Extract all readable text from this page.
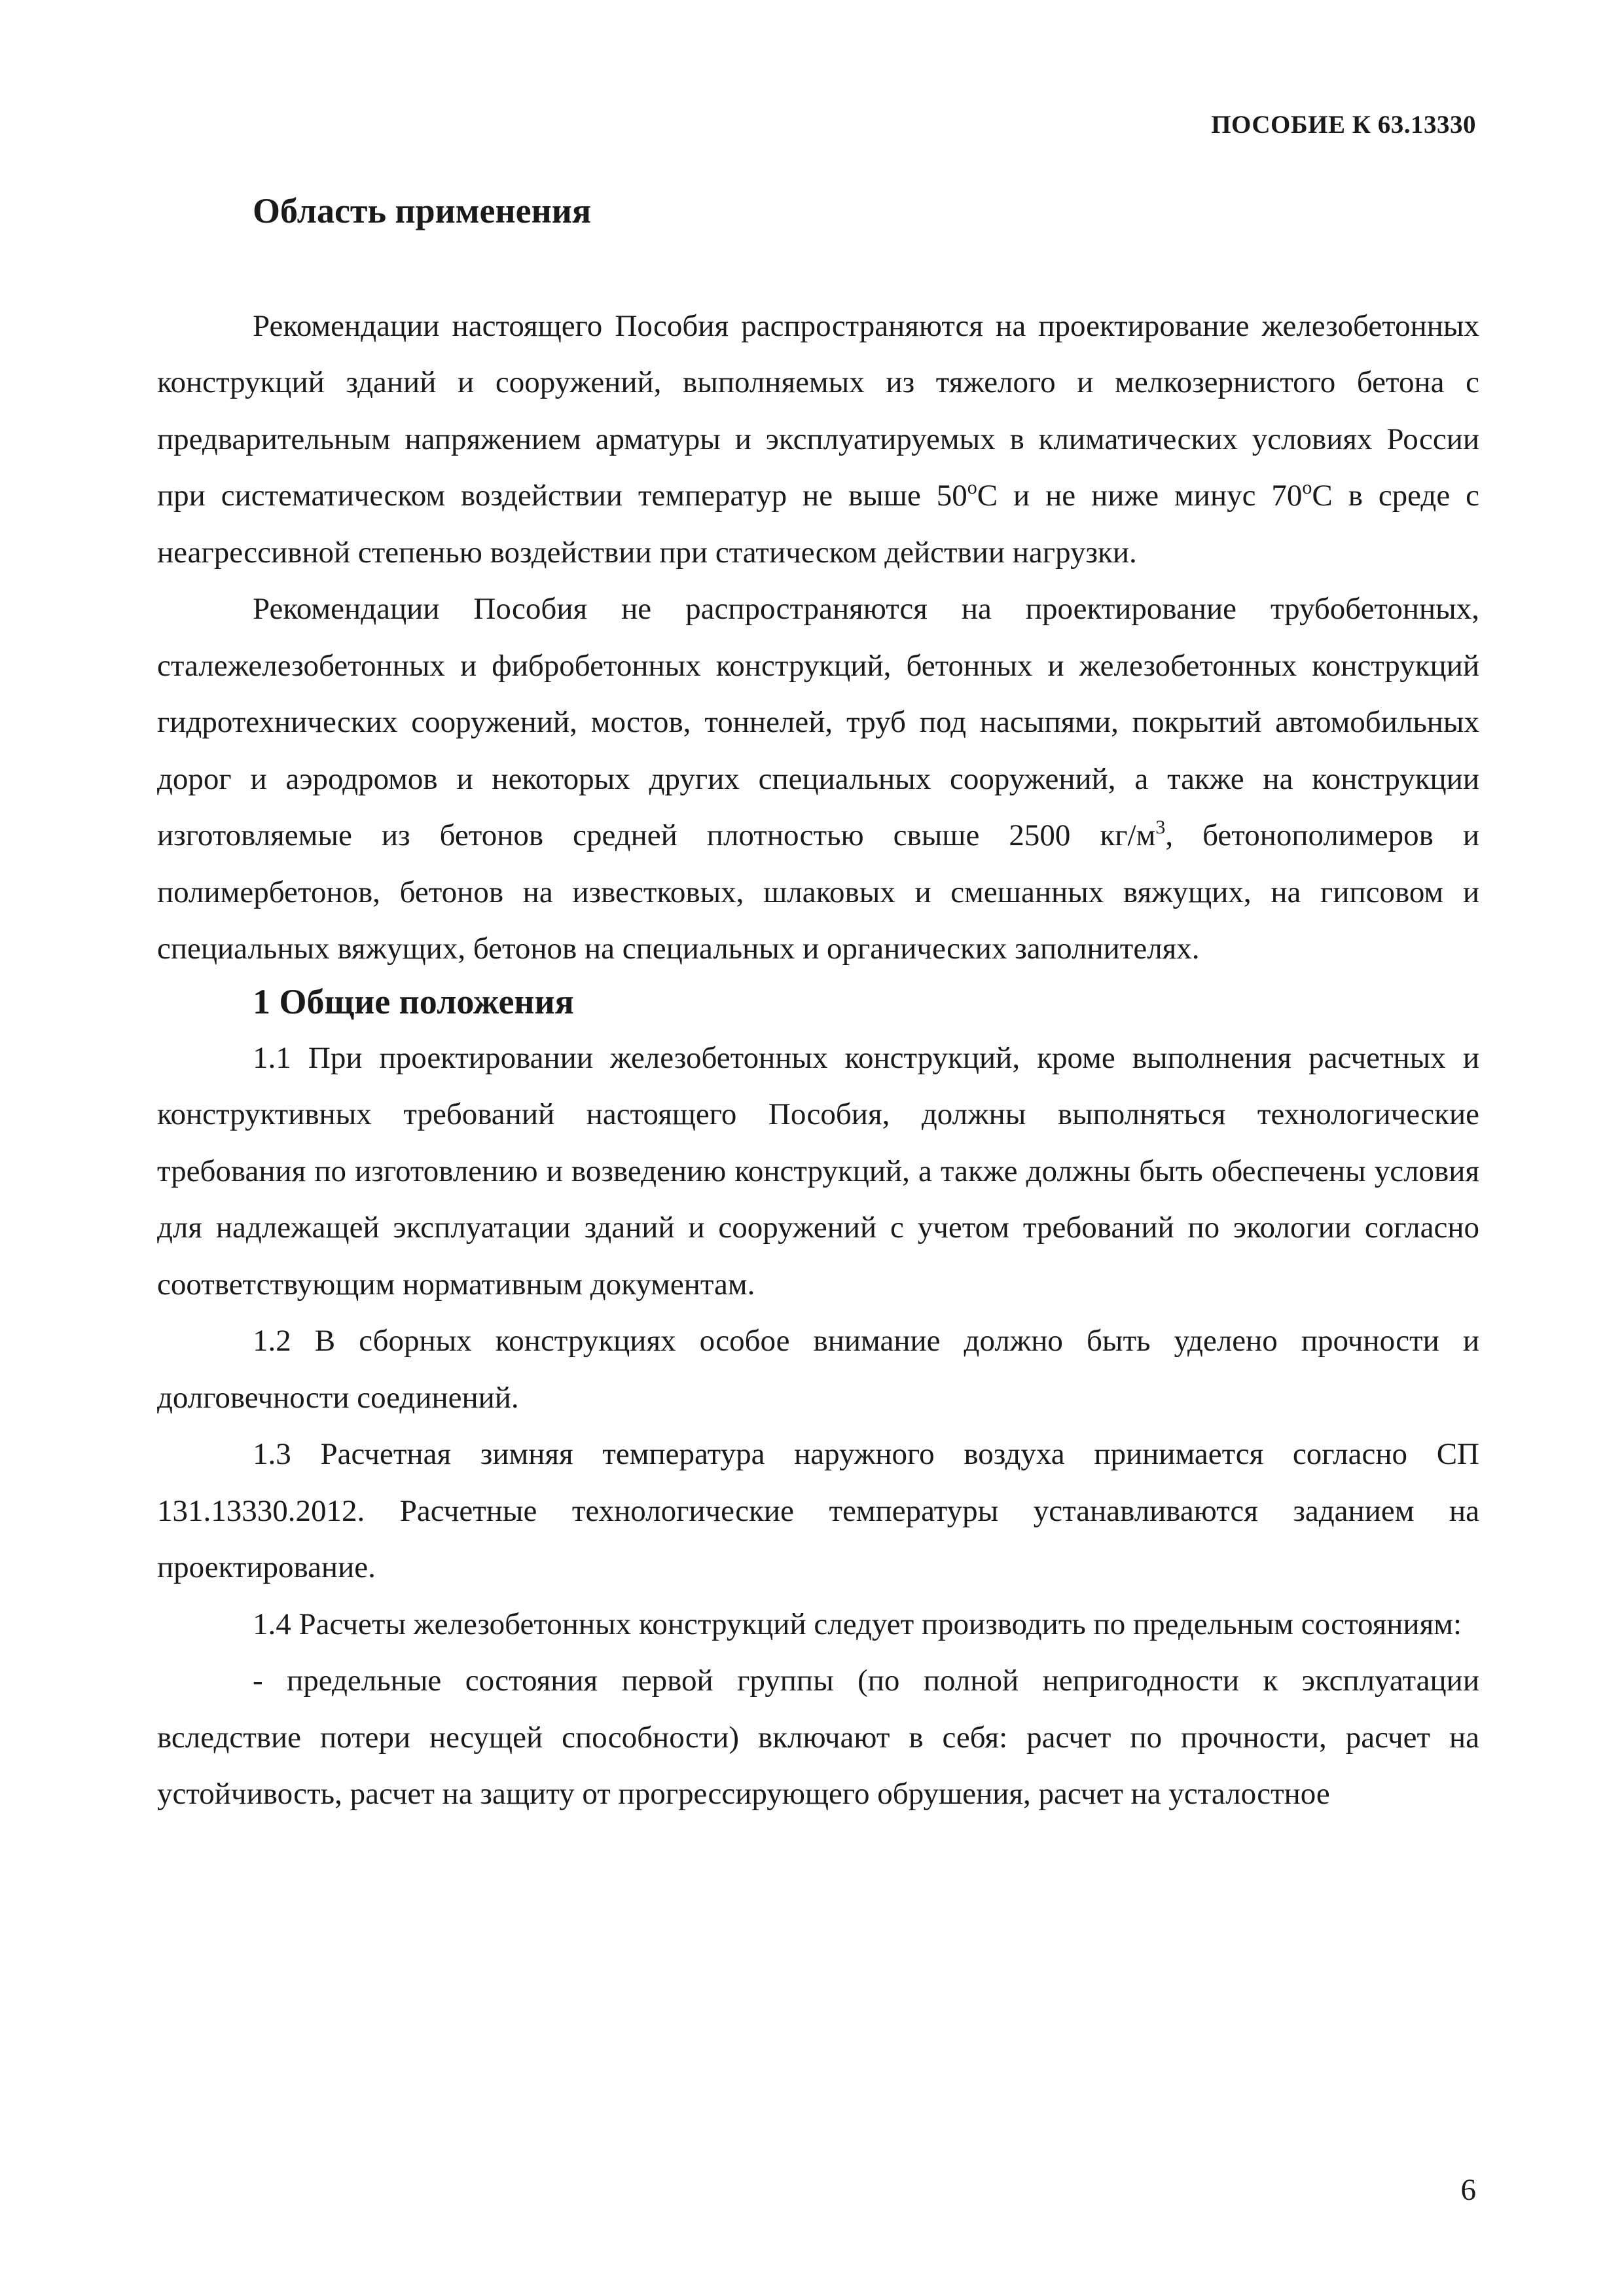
ПОСОБИЕ К 63.13330
Область применения

Рекомендации настоящего Пособия распространяются на проектирование железобетонных конструкций зданий и сооружений, выполняемых из тяжелого и мелкозернистого бетона с предварительным напряжением арматуры и эксплуатируемых в климатических условиях России при систематическом воздействии температур не выше 50$^o$С и не ниже минус 70$^o$С в среде с неагрессивной степенью воздействии при статическом действии нагрузки.

Рекомендации Пособия не распространяются на проектирование трубобетонных, сталежелезобетонных и фибробетонных конструкций, бетонных и железобетонных конструкций гидротехнических сооружений, мостов, тоннелей, труб под насыпями, покрытий автомобильных дорог и аэродромов и некоторых других специальных сооружений, а также на конструкции изготовляемые из бетонов средней плотностью свыше 2500 $кг/м^3$, бетонополимеров и полимербетонов, бетонов на известковых, шлаковых и смешанных вяжущих, на гипсовом и специальных вяжущих, бетонов на специальных и органических заполнителях.

1 Общие положения

1.1 При проектировании железобетонных конструкций, кроме выполнения расчетных и конструктивных требований настоящего Пособия, должны выполняться технологические требования по изготовлению и возведению конструкций, а также должны быть обеспечены условия для надлежащей эксплуатации зданий и сооружений с учетом требований по экологии согласно соответствующим нормативным документам.

1.2 В сборных конструкциях особое внимание должно быть уделено прочности и долговечности соединений.

1.3 Расчетная зимняя температура наружного воздуха принимается согласно СП 131.13330.2012. Расчетные технологические температуры устанавливаются заданием на проектирование.

1.4 Расчеты железобетонных конструкций следует производить по предельным состояниям:

- предельные состояния первой группы (по полной непригодности к эксплуатации вследствие потери несущей способности) включают в себя: расчет по прочности, расчет на устойчивость, расчет на защиту от прогрессирующего обрушения, расчет на усталостное

6
